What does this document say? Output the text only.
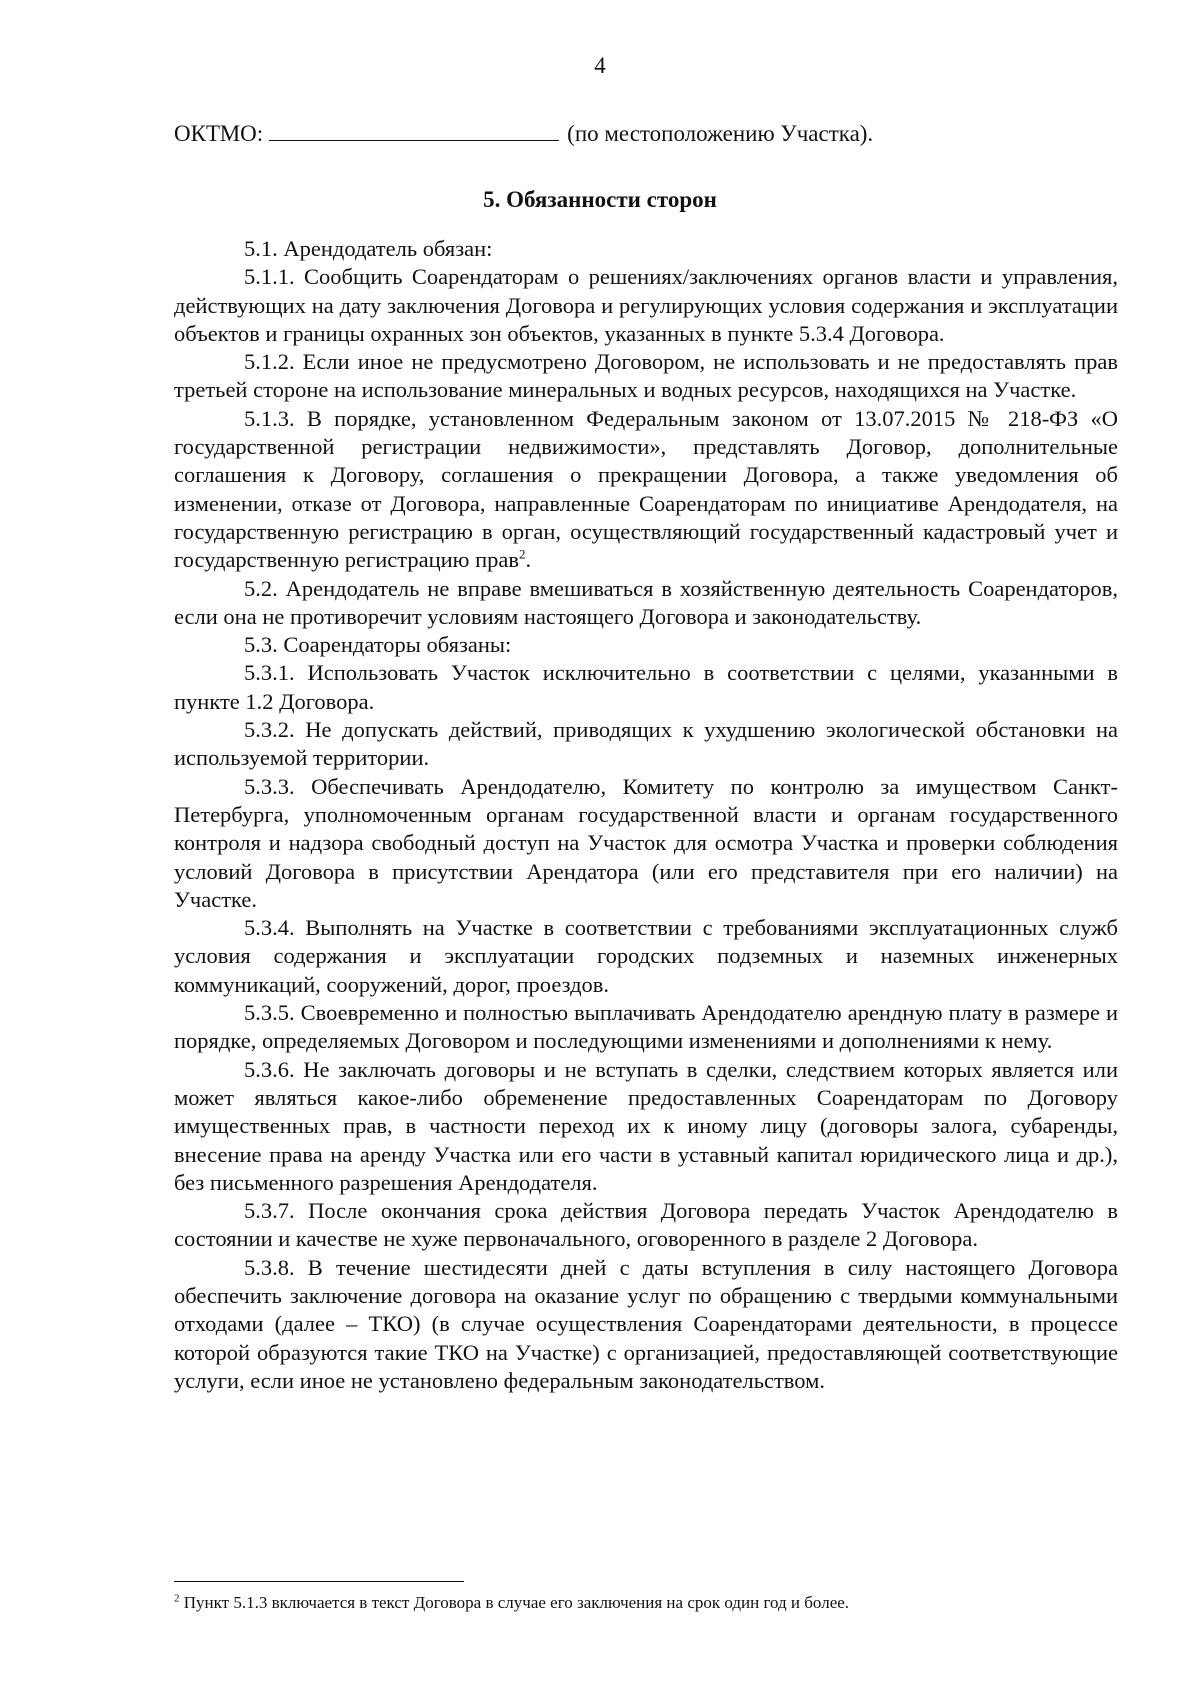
4
ОКТМО:	(по местоположению Участка).
5. Обязанности сторон

5.1. Арендодатель обязан:

5.1.1. Сообщить Соарендаторам о решениях/заключениях органов власти и управления, действующих на дату заключения Договора и регулирующих условия содержания и эксплуатации объектов и границы охранных зон объектов, указанных в пункте 5.3.4 Договора.

5.1.2. Если иное не предусмотрено Договором, не использовать и не предоставлять прав третьей стороне на использование минеральных и водных ресурсов, находящихся на Участке.

5.1.3. В порядке, установленном Федеральным законом от 13.07.2015 № 218-ФЗ «О государственной регистрации недвижимости», представлять Договор, дополнительные соглашения к Договору, соглашения о прекращении Договора, а также уведомления об изменении, отказе от Договора, направленные Соарендаторам по инициативе Арендодателя, на государственную регистрацию в орган, осуществляющий государственный кадастровый учет и государственную регистрацию прав$^2$.

5.2. Арендодатель не вправе вмешиваться в хозяйственную деятельность Соарендаторов, если она не противоречит условиям настоящего Договора и законодательству.

5.3. Соарендаторы обязаны:

5.3.1. Использовать Участок исключительно в соответствии с целями, указанными в пункте 1.2 Договора.

5.3.2. Не допускать действий, приводящих к ухудшению экологической обстановки на используемой территории.

5.3.3. Обеспечивать Арендодателю, Комитету по контролю за имуществом Санкт-Петербурга, уполномоченным органам государственной власти и органам государственного контроля и надзора свободный доступ на Участок для осмотра Участка и проверки соблюдения условий Договора в присутствии Арендатора (или его представителя при его наличии) на Участке.

5.3.4. Выполнять на Участке в соответствии с требованиями эксплуатационных служб условия содержания и эксплуатации городских подземных и наземных инженерных коммуникаций, сооружений, дорог, проездов.

5.3.5. Своевременно и полностью выплачивать Арендодателю арендную плату в размере и порядке, определяемых Договором и последующими изменениями и дополнениями к нему.

5.3.6. Не заключать договоры и не вступать в сделки, следствием которых является или может являться какое-либо обременение предоставленных Соарендаторам по Договору имущественных прав, в частности переход их к иному лицу (договоры залога, субаренды, внесение права на аренду Участка или его части в уставный капитал юридического лица и др.), без письменного разрешения Арендодателя.

5.3.7. После окончания срока действия Договора передать Участок Арендодателю в состоянии и качестве не хуже первоначального, оговоренного в разделе 2 Договора.

5.3.8. В течение шестидесяти дней с даты вступления в силу настоящего Договора обеспечить заключение договора на оказание услуг по обращению с твердыми коммунальными отходами (далее – ТКО) (в случае осуществления Соарендаторами деятельности, в процессе которой образуются такие ТКО на Участке) с организацией, предоставляющей соответствующие услуги, если иное не установлено федеральным законодательством.

$^2$ Пункт 5.1.3 включается в текст Договора в случае его заключения на срок один год и более.
